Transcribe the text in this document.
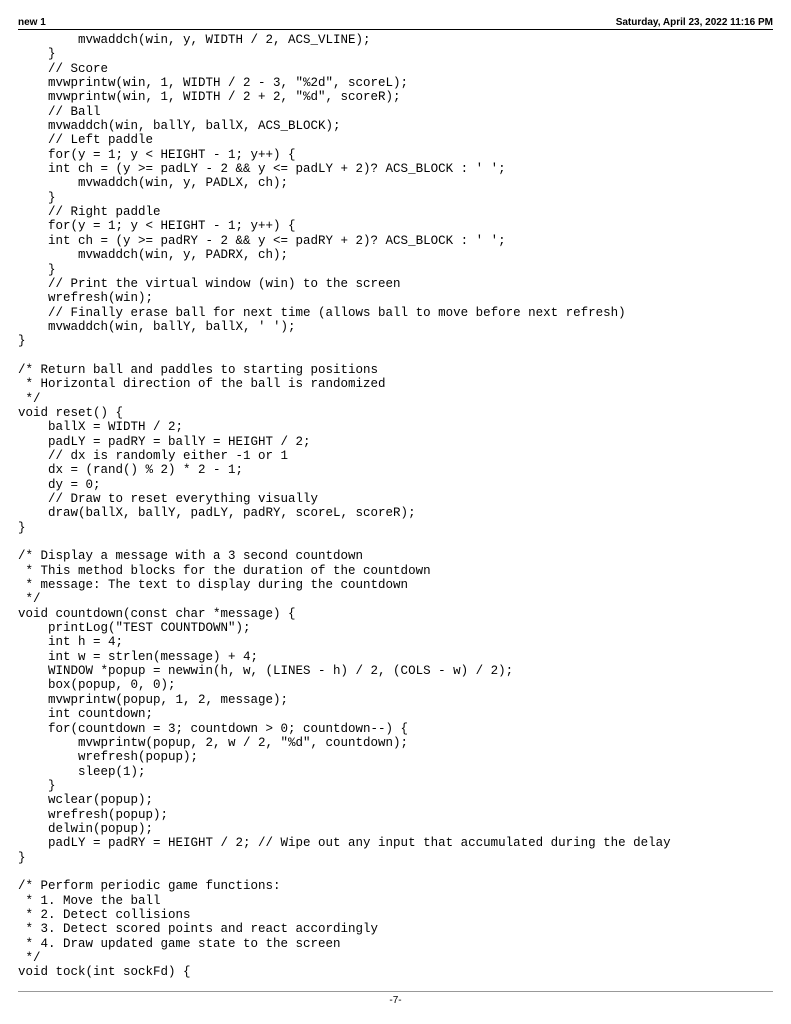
new 1	Saturday, April 23, 2022 11:16 PM
mvwaddch(win, y, WIDTH / 2, ACS_VLINE);
}
// Score
mvwprintw(win, 1, WIDTH / 2 - 3, "%2d", scoreL);
mvwprintw(win, 1, WIDTH / 2 + 2, "%d", scoreR);
// Ball
mvwaddch(win, ballY, ballX, ACS_BLOCK);
// Left paddle
for(y = 1; y < HEIGHT - 1; y++) {
int ch = (y >= padLY - 2 && y <= padLY + 2)? ACS_BLOCK : ' ';
mvwaddch(win, y, PADLX, ch);
}
// Right paddle
for(y = 1; y < HEIGHT - 1; y++) {
int ch = (y >= padRY - 2 && y <= padRY + 2)? ACS_BLOCK : ' ';
mvwaddch(win, y, PADRX, ch);
}
// Print the virtual window (win) to the screen
wrefresh(win);
// Finally erase ball for next time (allows ball to move before next refresh)
mvwaddch(win, ballY, ballX, ' ');
}
/* Return ball and paddles to starting positions
* Horizontal direction of the ball is randomized
*/
void reset() {
ballX = WIDTH / 2;
padLY = padRY = ballY = HEIGHT / 2;
// dx is randomly either -1 or 1
dx = (rand() % 2) * 2 - 1;
dy = 0;
// Draw to reset everything visually
draw(ballX, ballY, padLY, padRY, scoreL, scoreR);
}
/* Display a message with a 3 second countdown
* This method blocks for the duration of the countdown
* message: The text to display during the countdown
*/
void countdown(const char *message) {
printLog("TEST COUNTDOWN");
int h = 4;
int w = strlen(message) + 4;
WINDOW *popup = newwin(h, w, (LINES - h) / 2, (COLS - w) / 2);
box(popup, 0, 0);
mvwprintw(popup, 1, 2, message);
int countdown;
for(countdown = 3; countdown > 0; countdown--) {
mvwprintw(popup, 2, w / 2, "%d", countdown);
wrefresh(popup);
sleep(1);
}
wclear(popup);
wrefresh(popup);
delwin(popup);
padLY = padRY = HEIGHT / 2; // Wipe out any input that accumulated during the delay
}
/* Perform periodic game functions:
* 1. Move the ball
* 2. Detect collisions
* 3. Detect scored points and react accordingly
* 4. Draw updated game state to the screen
*/
void tock(int sockFd) {
-7-
